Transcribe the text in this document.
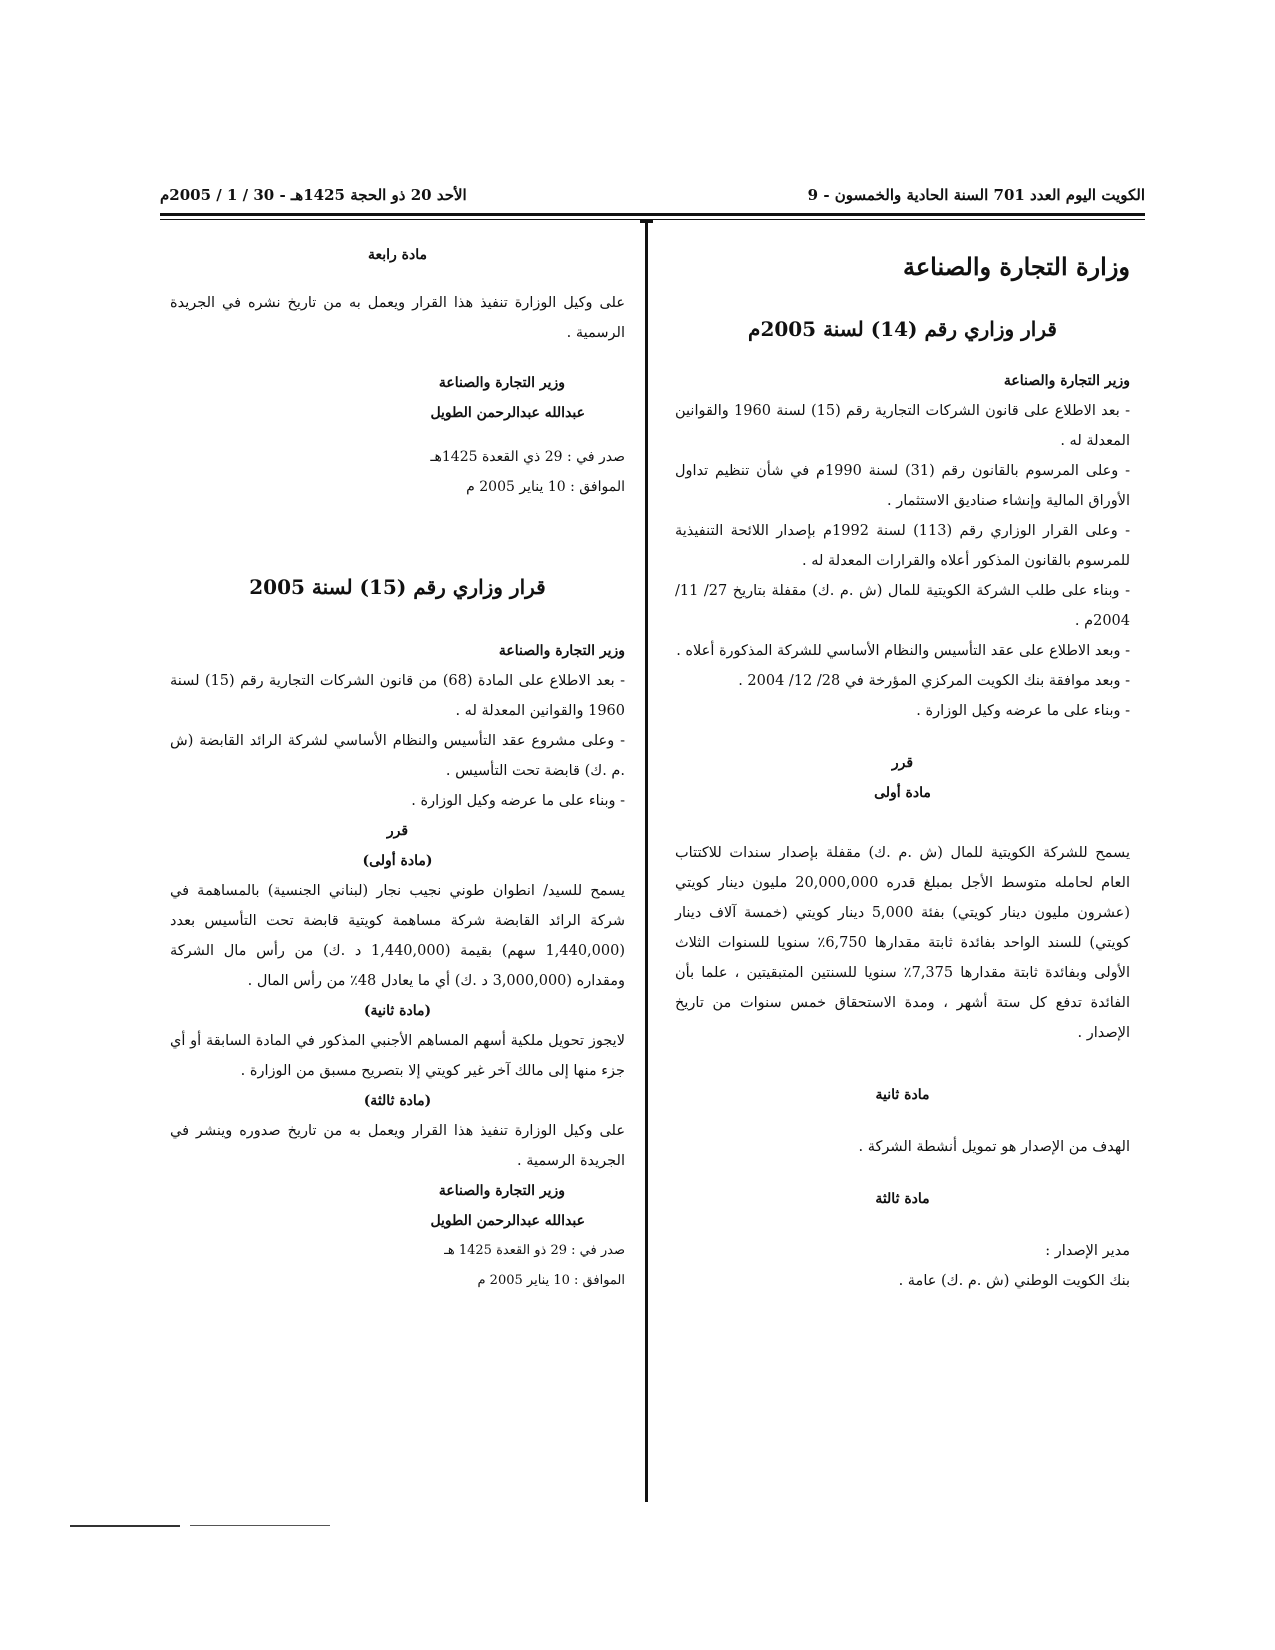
الكويت اليوم العدد 701 السنة الحادية والخمسون - 9
الأحد 20 ذو الحجة 1425هـ - 30 / 1 / 2005م
وزارة التجارة والصناعة
قرار وزاري رقم (14) لسنة 2005م
وزير التجارة والصناعة

- بعد الاطلاع على قانون الشركات التجارية رقم (15) لسنة 1960 والقوانين المعدلة له .

- وعلى المرسوم بالقانون رقم (31) لسنة 1990م في شأن تنظيم تداول الأوراق المالية وإنشاء صناديق الاستثمار .

- وعلى القرار الوزاري رقم (113) لسنة 1992م بإصدار اللائحة التنفيذية للمرسوم بالقانون المذكور أعلاه والقرارات المعدلة له .

- وبناء على طلب الشركة الكويتية للمال (ش .م .ك) مقفلة بتاريخ 27/ 11/ 2004م .

- وبعد الاطلاع على عقد التأسيس والنظام الأساسي للشركة المذكورة أعلاه .

- وبعد موافقة بنك الكويت المركزي المؤرخة في 28/ 12/ 2004 .

- وبناء على ما عرضه وكيل الوزارة .

قرر
مادة أولى

يسمح للشركة الكويتية للمال (ش .م .ك) مقفلة بإصدار سندات للاكتتاب العام لحامله متوسط الأجل بمبلغ قدره 20,000,000 مليون دينار كويتي (عشرون مليون دينار كويتي) بفئة 5,000 دينار كويتي (خمسة آلاف دينار كويتي) للسند الواحد بفائدة ثابتة مقدارها 6,750٪ سنويا للسنوات الثلاث الأولى وبفائدة ثابتة مقدارها 7,375٪ سنويا للسنتين المتبقيتين ، علما بأن الفائدة تدفع كل ستة أشهر ، ومدة الاستحقاق خمس سنوات من تاريخ الإصدار .

مادة ثانية

الهدف من الإصدار هو تمويل أنشطة الشركة .

مادة ثالثة

مدير الإصدار :

بنك الكويت الوطني (ش .م .ك) عامة .

مادة رابعة

على وكيل الوزارة تنفيذ هذا القرار ويعمل به من تاريخ نشره في الجريدة الرسمية .

وزير التجارة والصناعة

عبدالله عبدالرحمن الطويل

صدر في : 29 ذي القعدة 1425هـ

الموافق : 10 يناير 2005 م

قرار وزاري رقم (15) لسنة 2005
وزير التجارة والصناعة

- بعد الاطلاع على المادة (68) من قانون الشركات التجارية رقم (15) لسنة 1960 والقوانين المعدلة له .

- وعلى مشروع عقد التأسيس والنظام الأساسي لشركة الرائد القابضة (ش .م .ك) قابضة تحت التأسيس .

- وبناء على ما عرضه وكيل الوزارة .

قرر
(مادة أولى)

يسمح للسيد/ انطوان طوني نجيب نجار (لبناني الجنسية) بالمساهمة في شركة الرائد القابضة شركة مساهمة كويتية قابضة تحت التأسيس بعدد (1,440,000 سهم) بقيمة (1,440,000 د .ك) من رأس مال الشركة ومقداره (3,000,000 د .ك) أي ما يعادل 48٪ من رأس المال .

(مادة ثانية)

لايجوز تحويل ملكية أسهم المساهم الأجنبي المذكور في المادة السابقة أو أي جزء منها إلى مالك آخر غير كويتي إلا بتصريح مسبق من الوزارة .

(مادة ثالثة)

على وكيل الوزارة تنفيذ هذا القرار ويعمل به من تاريخ صدوره وينشر في الجريدة الرسمية .

وزير التجارة والصناعة

عبدالله عبدالرحمن الطويل

صدر في : 29 ذو القعدة 1425 هـ

الموافق : 10 يناير 2005 م
